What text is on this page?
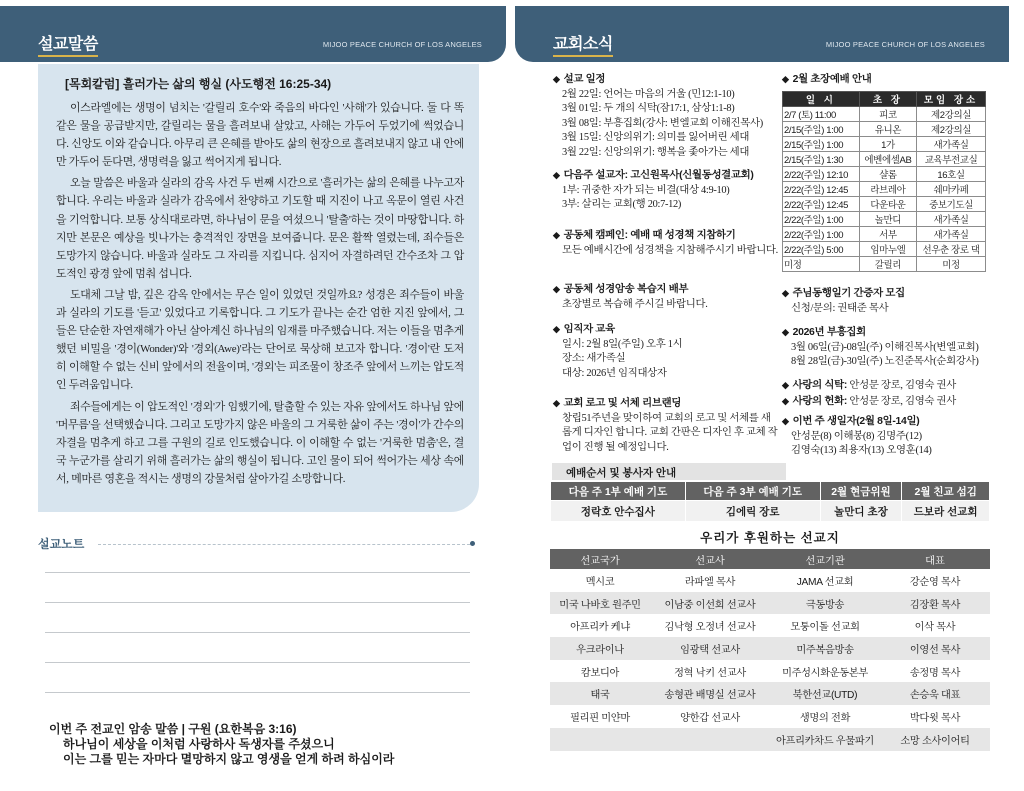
설교말씀	MIJOO PEACE CHURCH OF LOS ANGELES
[목회칼럼] 흘러가는 삶의 행실 (사도행전 16:25-34)

이스라엘에는 생명이 넘치는 '갈릴리 호수'와 죽음의 바다인 '사해'가 있습니다. 둘 다 똑같은 물을 공급받지만, 갈릴리는 물을 흘려보내 살았고, 사해는 가두어 두었기에 썩었습니다. 신앙도 이와 같습니다. 아무리 큰 은혜를 받아도 삶의 현장으로 흘려보내지 않고 내 안에만 가두어 둔다면, 생명력을 잃고 썩어지게 됩니다.

오늘 말씀은 바울과 실라의 감옥 사건 두 번째 시간으로 '흘러가는 삶의 은혜를 나누고자 합니다. 우리는 바울과 실라가 감옥에서 찬양하고 기도할 때 지진이 나고 옥문이 열린 사건을 기억합니다. 보통 상식대로라면, 하나님이 문을 여셨으니 '탈출'하는 것이 마땅합니다. 하지만 본문은 예상을 빗나가는 충격적인 장면을 보여줍니다. 문은 활짝 열렸는데, 죄수들은 도망가지 않습니다. 바울과 실라도 그 자리를 지킵니다. 심지어 자결하려던 간수조차 그 압도적인 광경 앞에 멈춰 섭니다.

도대체 그날 밤, 깊은 감옥 안에서는 무슨 일이 있었던 것일까요? 성경은 죄수들이 바울과 실라의 기도를 '듣고' 있었다고 기록합니다. 그 기도가 끝나는 순간 엄한 지진 앞에서, 그들은 단순한 자연재해가 아닌 살아계신 하나님의 임재를 마주했습니다. 저는 이들을 멈추게 했던 비밀을 '경이(Wonder)'와 '경외(Awe)'라는 단어로 묵상해 보고자 합니다. '경이'란 도저히 이해할 수 없는 신비 앞에서의 전율이며, '경외'는 피조물이 창조주 앞에서 느끼는 압도적인 두려움입니다.

죄수들에게는 이 압도적인 '경외'가 임했기에, 탈출할 수 있는 자유 앞에서도 하나님 앞에 '머무름'을 선택했습니다. 그리고 도망가지 않은 바울의 그 거룩한 삶이 주는 '경이'가 간수의 자결을 멈추게 하고 그를 구원의 길로 인도했습니다. 이 이해할 수 없는 '거룩한 멈춤'은, 결국 누군가를 살리기 위해 흘러가는 삶의 행실이 됩니다. 고인 물이 되어 썩어가는 세상 속에서, 메마른 영혼을 적시는 생명의 강물처럼 살아가길 소망합니다.

설교노트
이번 주 전교인 암송 말씀 | 구원 (요한복음 3:16)
하나님이 세상을 이처럼 사랑하사 독생자를 주셨으니
이는 그를 믿는 자마다 멸망하지 않고 영생을 얻게 하려 하심이라
교회소식	MIJOO PEACE CHURCH OF LOS ANGELES
◆ 설교 일정
2월 22일: 언어는 마음의 거울 (민12:1-10)
3월 01일: 두 개의 식탁(잠17:1, 삼상1:1-8)
3월 08일: 부흥집회(강사: 변엘교회 이해진목사)
3월 15일: 신앙의위기: 의미를 잃어버린 세대
3월 22일: 신앙의위기: 행복을 좇아가는 세대
◆ 다음주 설교자: 고신원목사(신월동성결교회)
1부: 귀중한 자가 되는 비결(대상 4:9-10)
3부: 살리는 교회(행 20:7-12)
◆ 공동체 캠페인: 예배 때 성경책 지참하기
모든 예배시간에 성경책을 지참해주시기 바랍니다.
◆ 공동체 성경암송 복습지 배부
초장별로 복습해 주시길 바랍니다.
◆ 임직자 교육
일시: 2월 8일(주일) 오후 1시
장소: 새가족실
대상: 2026년 임직대상자
◆ 교회 로고 및 서체 리브랜딩
창립51주년을 맞이하여 교회의 로고 및 서체를 새롭게 디자인 합니다. 교회 간판은 디자인 후 교체 작업이 진행 될 예정입니다.
◆ 2월 초장예배 안내
일 시	초 장	모임 장소
2/7 (토) 11:00	피코	제2강의실
2/15(주일) 1:00	유니온	제2강의실
2/15(주일) 1:00	1가	새가족실
2/15(주일) 1:30	에벤에셀AB	교육부전교실
2/22(주일) 12:10	샬롬	16호실
2/22(주일) 12:45	라브레아	쉐마카페
2/22(주일) 12:45	다운타운	중보기도실
2/22(주일) 1:00	놀만디	새가족실
2/22(주일) 1:00	서부	새가족실
2/22(주일) 5:00	임마누엘	선우춘 장로 댁
미정	갈릴리	미정
◆ 주님동행일기 간증자 모집
신청/문의: 권태준 목사
◆ 2026년 부흥집회
3월 06일(금)-08일(주) 이해진목사(변엘교회)
8월 28일(금)-30일(주) 노진준목사(순회강사)
◆ 사랑의 식탁: 안성문 장로, 김영숙 권사
◆ 사랑의 헌화: 안성문 장로, 김영숙 권사
◆ 이번 주 생일자(2월 8일-14일)
안성문(8) 이해봉(8) 김명주(12)
김영숙(13) 최용자(13) 오영훈(14)
예배순서 및 봉사자 안내
다음 주 1부 예배 기도	다음 주 3부 예배 기도	2월 현금위원	2월 친교 섬김
정락호 안수집사	김에릭 장로	놀만디 초장	드보라 선교회
우리가 후원하는 선교지
선교국가	선교사	선교기관	대표
멕시코	라파엘 목사	JAMA 선교회	강순영 목사
미국 나바호 원주민	이남중 이선희 선교사	극동방송	김장환 목사
아프리카 케냐	김낙형 오정녀 선교사	모퉁이돌 선교회	이삭 목사
우크라이나	임광택 선교사	미주복음방송	이영선 목사
캄보디아	정혁 낙키 선교사	미주성시화운동본부	송정명 목사
태국	송형관 배명실 선교사	북한선교(UTD)	손승욱 대표
필리핀 미얀마	양한갑 선교사	생명의 전화	박다윗 목사
		아프리카차드 우물파기	소망 소사이어티
